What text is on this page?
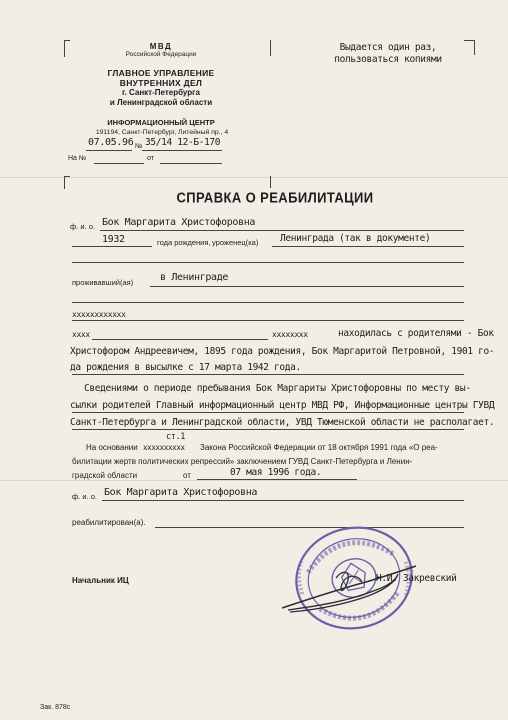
МВД
Российской Федерации
ГЛАВНОЕ УПРАВЛЕНИЕ
ВНУТРЕННИХ ДЕЛ
г. Санкт-Петербурга
и Ленинградской области
ИНФОРМАЦИОННЫЙ ЦЕНТР
191194, Санкт-Петербург, Литейный пр., 4
07.05.96 № 35/14 12-Б-170
На №	от
Выдается один раз,
пользоваться копиями
СПРАВКА О РЕАБИЛИТАЦИИ
ф. и. о. Бок Маргарита Христофоровна
1932	года рождения, уроженец(ка) Ленинграда (так в документе)
проживавший(ая)	в Ленинграде
xxxxxxxxxxxx
xxxx	xxxxxxxx	находилась с родителями - Бок
Христофором Андреевичем, 1895 года рождения, Бок Маргаритой Петровной, 1901 го-
да рождения в высылке с 17 марта 1942 года.
Сведениями о периоде пребывания Бок Маргариты Христофоровны по месту вы-
сылки родителей Главный информационный центр МВД РФ, Информационные центры ГУВД
Санкт-Петербурга и Ленинградской области, УВД Тюменской области не располагает.
ст.1
На основании xxxxxxxxxx Закона Российской Федерации от 18 октября 1991 года «О реа-
билитации жертв политических репрессий» заключением ГУВД Санкт-Петербурга и Ленин-
градской области	от	07 мая 1996 года.
ф. и. о. Бок Маргарита Христофоровна
реабилитирован(а).
Начальник ИЦ	Н.И. Закревский
Зак. 878с
